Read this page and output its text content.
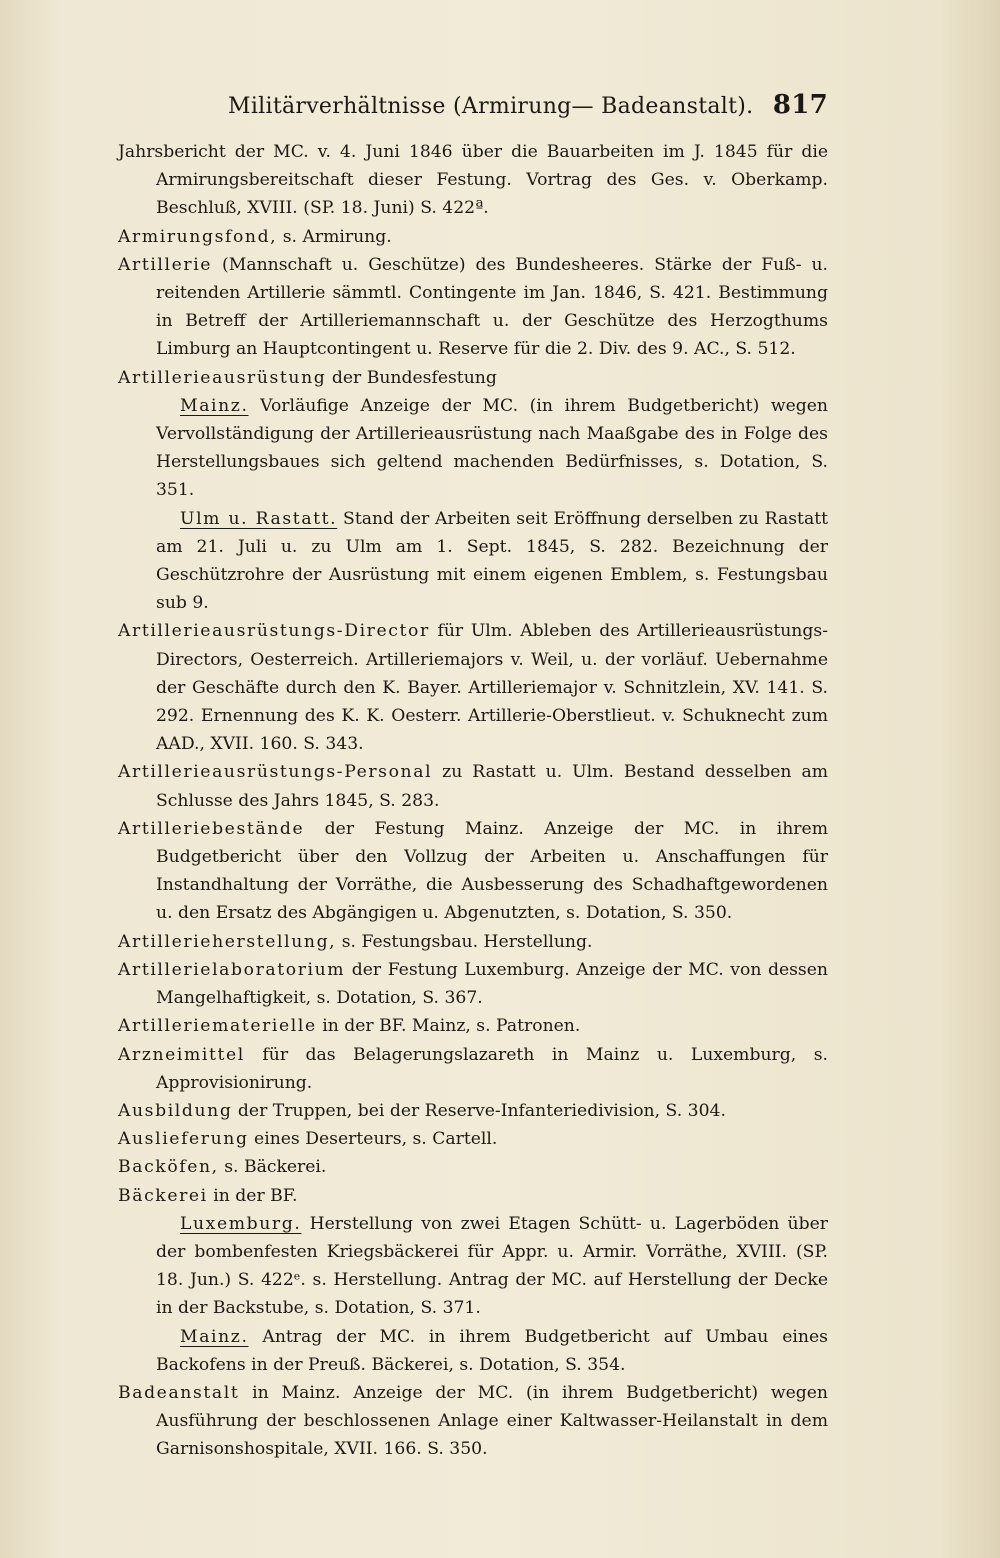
Militärverhältnisse (Armirung— Badeanstalt). 817

Jahrsbericht der MC. v. 4. Juni 1846 über die Bauarbeiten im J. 1845 für die Armirungsbereitschaft dieser Festung. Vortrag des Ges. v. Oberkamp. Beschluß, XVIII. (SP. 18. Juni) S. 422ª.

Armirungsfond, s. Armirung.

Artillerie (Mannschaft u. Geschütze) des Bundesheeres. Stärke der Fuß- u. reitenden Artillerie sämmtl. Contingente im Jan. 1846, S. 421. Bestimmung in Betreff der Artilleriemannschaft u. der Geschütze des Herzogthums Limburg an Hauptcontingent u. Reserve für die 2. Div. des 9. AC., S. 512.

Artillerieausrüstung der Bundesfestung

Mainz. Vorläufige Anzeige der MC. (in ihrem Budgetbericht) wegen Vervollständigung der Artillerieausrüstung nach Maaßgabe des in Folge des Herstellungsbaues sich geltend machenden Bedürfnisses, s. Dotation, S. 351.

Ulm u. Rastatt. Stand der Arbeiten seit Eröffnung derselben zu Rastatt am 21. Juli u. zu Ulm am 1. Sept. 1845, S. 282. Bezeichnung der Geschützrohre der Ausrüstung mit einem eigenen Emblem, s. Festungsbau sub 9.

Artillerieausrüstungs-Director für Ulm. Ableben des Artillerieausrüstungs-Directors, Oesterreich. Artilleriemajors v. Weil, u. der vorläuf. Uebernahme der Geschäfte durch den K. Bayer. Artilleriemajor v. Schnitzlein, XV. 141. S. 292. Ernennung des K. K. Oesterr. Artillerie-Oberstlieut. v. Schuknecht zum AAD., XVII. 160. S. 343.

Artillerieausrüstungs-Personal zu Rastatt u. Ulm. Bestand desselben am Schlusse des Jahrs 1845, S. 283.

Artilleriebestände der Festung Mainz. Anzeige der MC. in ihrem Budgetbericht über den Vollzug der Arbeiten u. Anschaffungen für Instandhaltung der Vorräthe, die Ausbesserung des Schadhaftgewordenen u. den Ersatz des Abgängigen u. Abgenutzten, s. Dotation, S. 350.

Artillerieherstellung, s. Festungsbau. Herstellung.

Artillerielaboratorium der Festung Luxemburg. Anzeige der MC. von dessen Mangelhaftigkeit, s. Dotation, S. 367.

Artilleriematerielle in der BF. Mainz, s. Patronen.

Arzneimittel für das Belagerungslazareth in Mainz u. Luxemburg, s. Approvisionirung.

Ausbildung der Truppen, bei der Reserve-Infanteriedivision, S. 304.

Auslieferung eines Deserteurs, s. Cartell.

Backöfen, s. Bäckerei.

Bäckerei in der BF.

Luxemburg. Herstellung von zwei Etagen Schütt- u. Lagerböden über der bombenfesten Kriegsbäckerei für Appr. u. Armir. Vorräthe, XVIII. (SP. 18. Jun.) S. 422ᵉ. s. Herstellung. Antrag der MC. auf Herstellung der Decke in der Backstube, s. Dotation, S. 371.

Mainz. Antrag der MC. in ihrem Budgetbericht auf Umbau eines Backofens in der Preuß. Bäckerei, s. Dotation, S. 354.

Badeanstalt in Mainz. Anzeige der MC. (in ihrem Budgetbericht) wegen Ausführung der beschlossenen Anlage einer Kaltwasser-Heilanstalt in dem Garnisonshospitale, XVII. 166. S. 350.
